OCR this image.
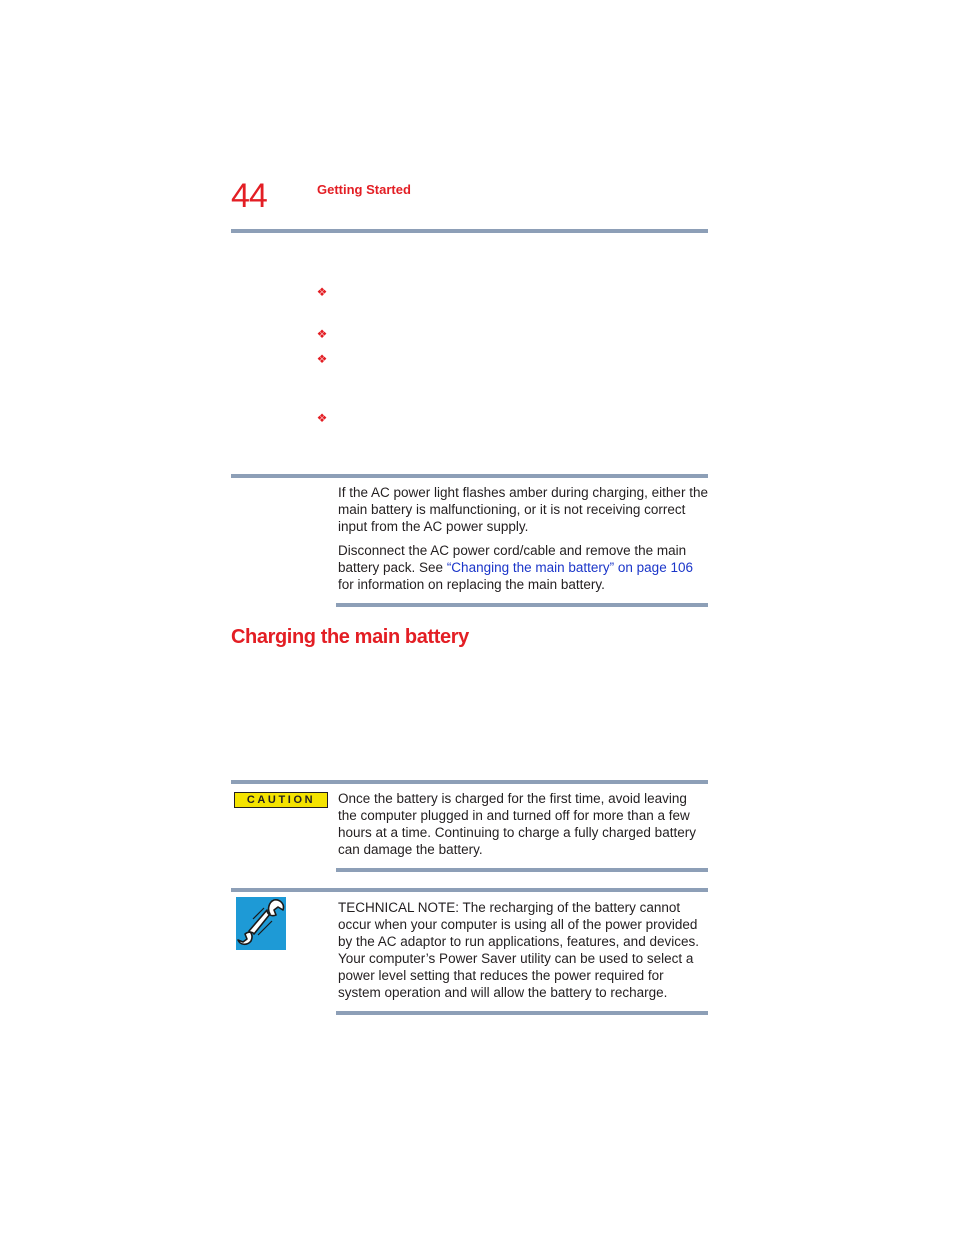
44	Getting Started
❖
❖
❖
❖
If the AC power light flashes amber during charging, either the main battery is malfunctioning, or it is not receiving correct input from the AC power supply.
Disconnect the AC power cord/cable and remove the main battery pack. See “Changing the main battery” on page 106 for information on replacing the main battery.
Charging the main battery
CAUTION	Once the battery is charged for the first time, avoid leaving the computer plugged in and turned off for more than a few hours at a time. Continuing to charge a fully charged battery can damage the battery.
TECHNICAL NOTE: The recharging of the battery cannot occur when your computer is using all of the power provided by the AC adaptor to run applications, features, and devices. Your computer’s Power Saver utility can be used to select a power level setting that reduces the power required for system operation and will allow the battery to recharge.
